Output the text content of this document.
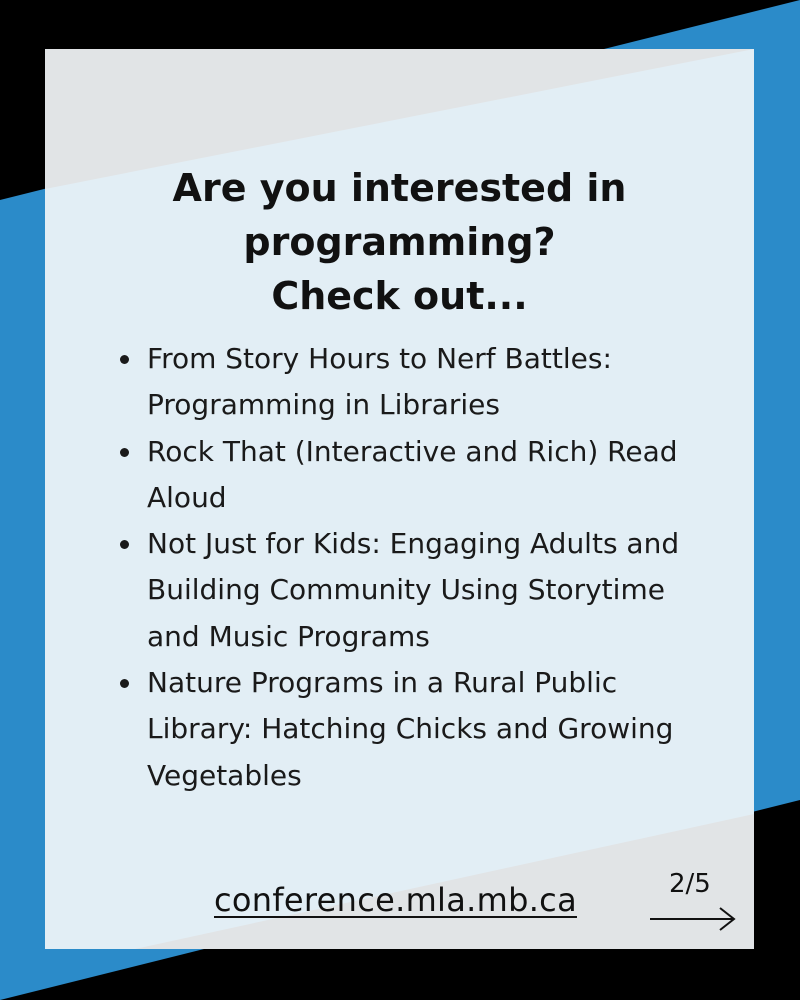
Are you interested in
programming?
Check out...
From Story Hours to Nerf Battles:
Programming in Libraries
Rock That (Interactive and Rich) Read
Aloud
Not Just for Kids: Engaging Adults and
Building Community Using Storytime
and Music Programs
Nature Programs in a Rural Public
Library: Hatching Chicks and Growing
Vegetables
conference.mla.mb.ca	2/5
